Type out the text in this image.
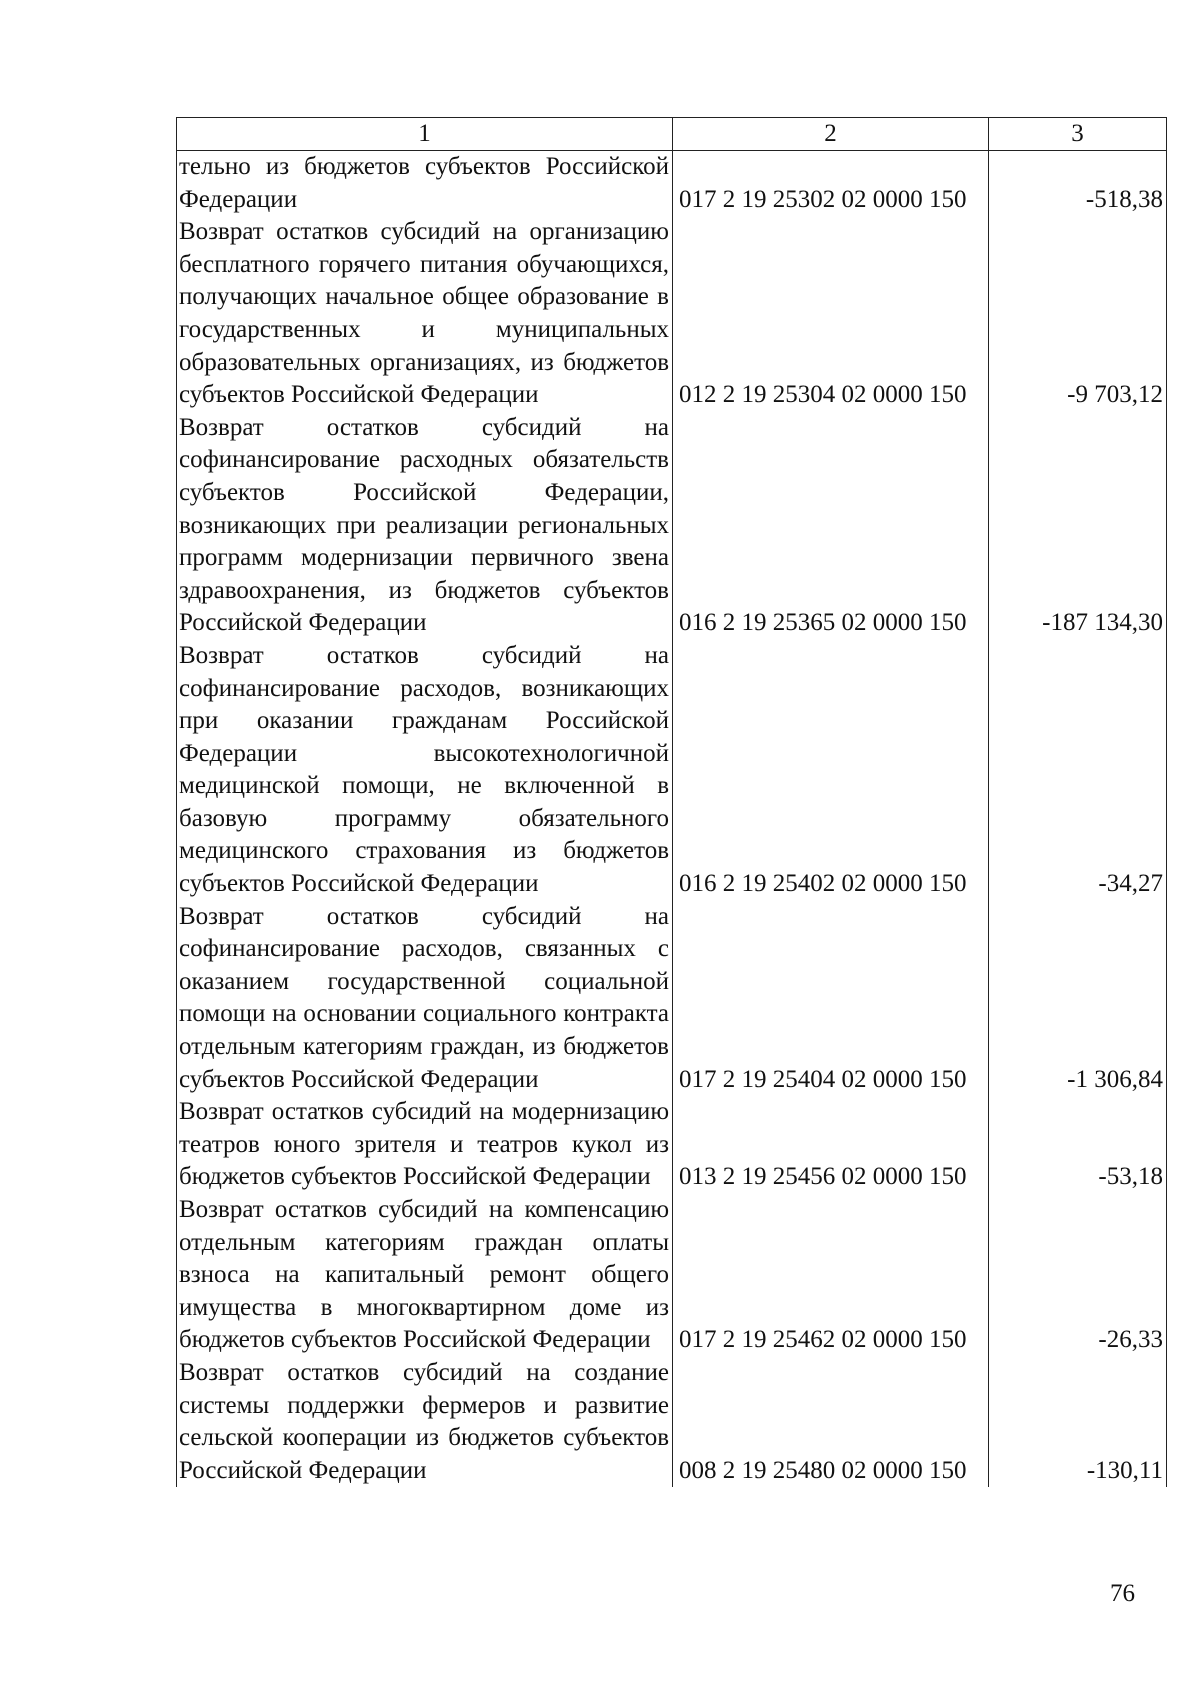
1	2	3
тельно из бюджетов субъектов Российской Федерации	017 2 19 25302 02 0000 150	-518,38
Возврат остатков субсидий на организацию бесплатного горячего питания обучающихся, получающих начальное общее образование в государственных и муниципальных образовательных организациях, из бюджетов субъектов Российской Федерации	012 2 19 25304 02 0000 150	-9 703,12
Возврат остатков субсидий на софинансирование расходных обязательств субъектов Российской Федерации, возникающих при реализации региональных программ модернизации первичного звена здравоохранения, из бюджетов субъектов Российской Федерации	016 2 19 25365 02 0000 150	-187 134,30
Возврат остатков субсидий на софинансирование расходов, возникающих при оказании гражданам Российской Федерации высокотехнологичной медицинской помощи, не включенной в базовую программу обязательного медицинского страхования из бюджетов субъектов Российской Федерации	016 2 19 25402 02 0000 150	-34,27
Возврат остатков субсидий на софинансирование расходов, связанных с оказанием государственной социальной помощи на основании социального контракта отдельным категориям граждан, из бюджетов субъектов Российской Федерации	017 2 19 25404 02 0000 150	-1 306,84
Возврат остатков субсидий на модернизацию театров юного зрителя и театров кукол из бюджетов субъектов Российской Федерации	013 2 19 25456 02 0000 150	-53,18
Возврат остатков субсидий на компенсацию отдельным категориям граждан оплаты взноса на капитальный ремонт общего имущества в многоквартирном доме из бюджетов субъектов Российской Федерации	017 2 19 25462 02 0000 150	-26,33
Возврат остатков субсидий на создание системы поддержки фермеров и развитие сельской кооперации из бюджетов субъектов Российской Федерации	008 2 19 25480 02 0000 150	-130,11
76
